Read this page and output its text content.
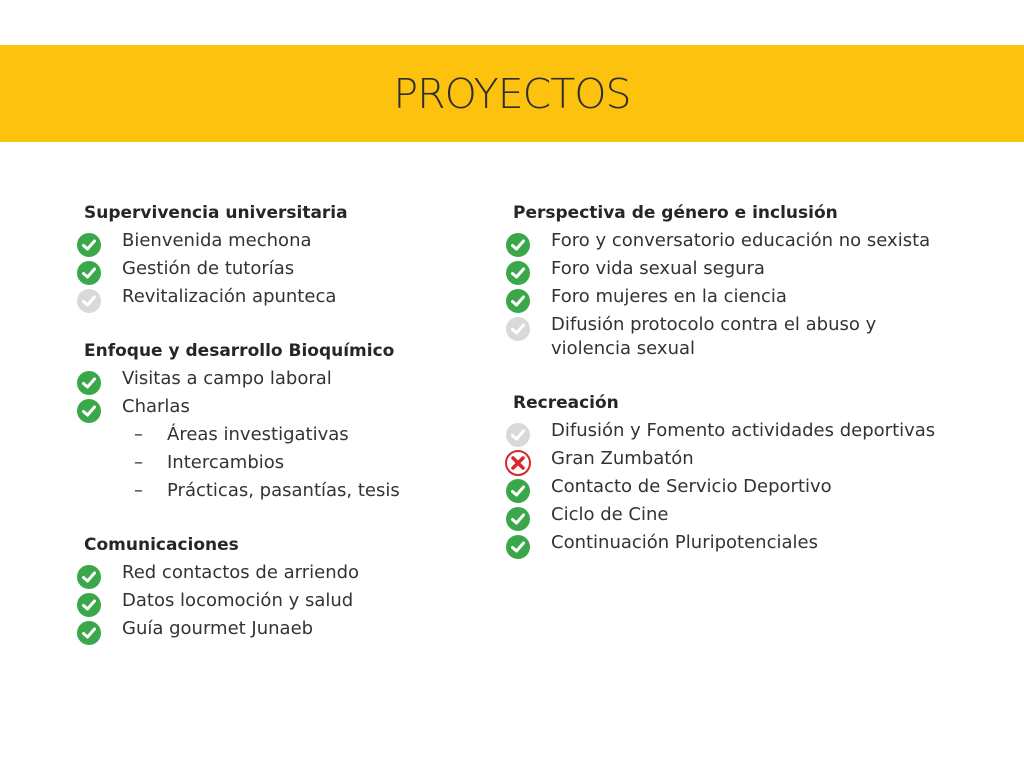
PROYECTOS
Supervivencia universitaria
Bienvenida mechona
Gestión de tutorías
Revitalización apunteca
Enfoque y desarrollo Bioquímico
Visitas a campo laboral
Charlas
– Áreas investigativas
– Intercambios
– Prácticas, pasantías, tesis
Comunicaciones
Red contactos de arriendo
Datos locomoción y salud
Guía gourmet Junaeb
Perspectiva de género e inclusión
Foro y conversatorio educación no sexista
Foro vida sexual segura
Foro mujeres en la ciencia
Difusión protocolo contra el abuso y violencia sexual
Recreación
Difusión y Fomento actividades deportivas
Gran Zumbatón
Contacto de Servicio Deportivo
Ciclo de Cine
Continuación Pluripotenciales
